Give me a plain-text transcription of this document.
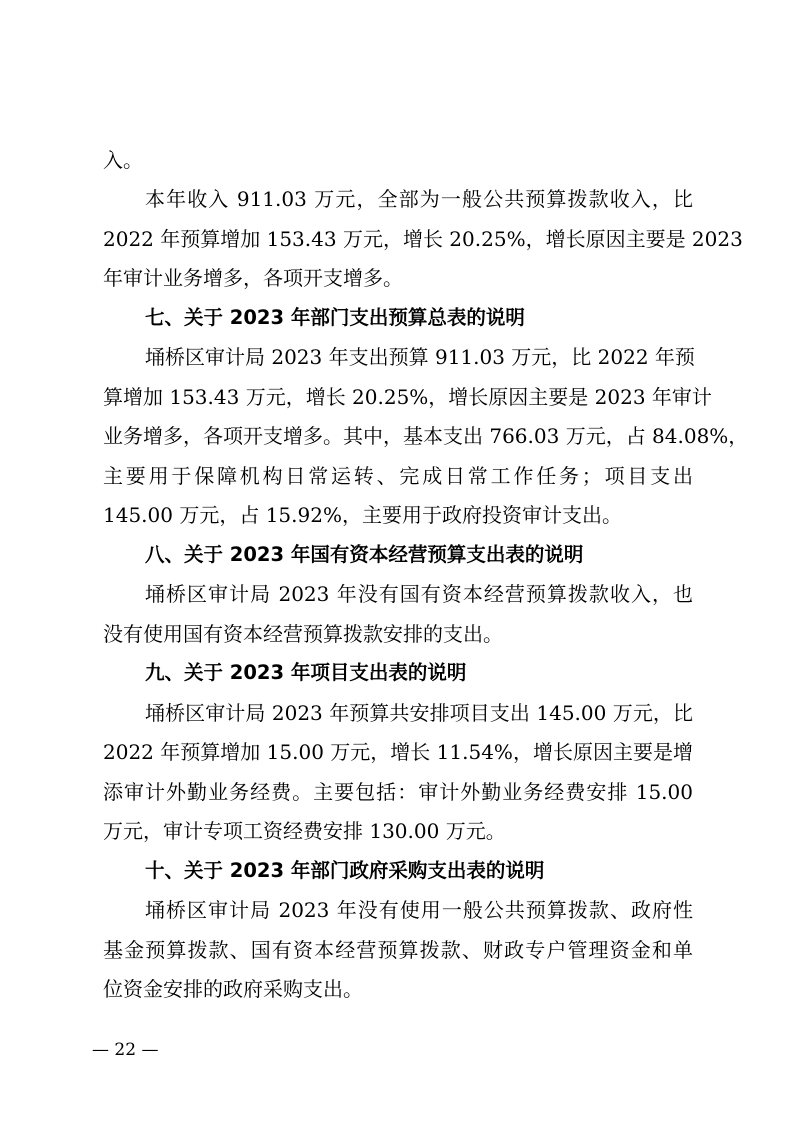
入。
本年收入 911.03 万元，全部为一般公共预算拨款收入，比
2022 年预算增加 153.43 万元，增长 20.25%，增长原因主要是 2023
年审计业务增多，各项开支增多。
七、关于 2023 年部门支出预算总表的说明
埇桥区审计局 2023 年支出预算 911.03 万元，比 2022 年预
算增加 153.43 万元，增长 20.25%，增长原因主要是 2023 年审计
业务增多，各项开支增多。其中，基本支出 766.03 万元，占 84.08%，
主要用于保障机构日常运转、完成日常工作任务；项目支出
145.00 万元，占 15.92%，主要用于政府投资审计支出。
八、关于 2023 年国有资本经营预算支出表的说明
埇桥区审计局 2023 年没有国有资本经营预算拨款收入，也
没有使用国有资本经营预算拨款安排的支出。
九、关于 2023 年项目支出表的说明
埇桥区审计局 2023 年预算共安排项目支出 145.00 万元，比
2022 年预算增加 15.00 万元，增长 11.54%，增长原因主要是增
添审计外勤业务经费。主要包括：审计外勤业务经费安排 15.00
万元，审计专项工资经费安排 130.00 万元。
十、关于 2023 年部门政府采购支出表的说明
埇桥区审计局 2023 年没有使用一般公共预算拨款、政府性
基金预算拨款、国有资本经营预算拨款、财政专户管理资金和单
位资金安排的政府采购支出。
— 22 —
